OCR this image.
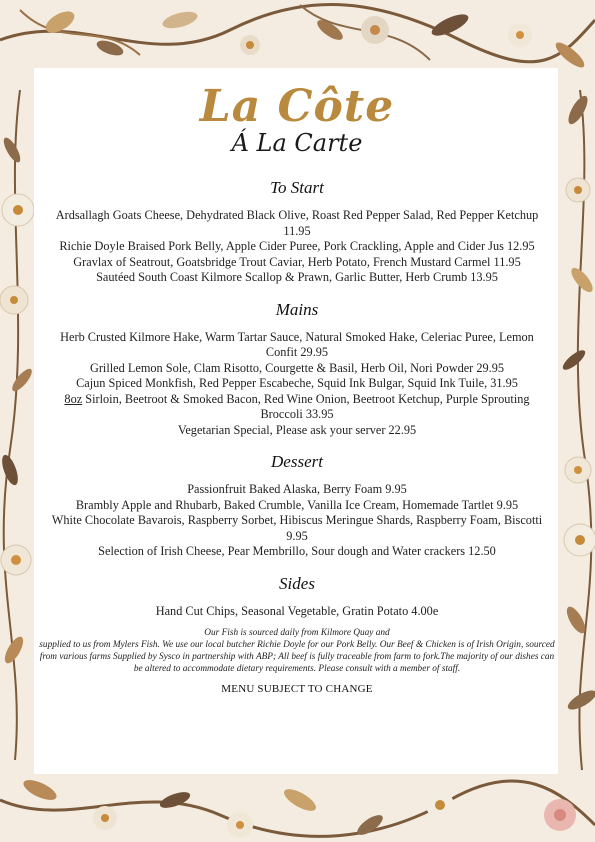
La Côte
Á La Carte
To Start
Ardsallagh Goats Cheese, Dehydrated Black Olive, Roast Red Pepper Salad, Red Pepper Ketchup 11.95
Richie Doyle Braised Pork Belly, Apple Cider Puree, Pork Crackling, Apple and Cider Jus 12.95
Gravlax of Seatrout, Goatsbridge Trout Caviar, Herb Potato, French Mustard Carmel 11.95
Sautéed South Coast Kilmore Scallop & Prawn, Garlic Butter, Herb Crumb 13.95
Mains
Herb Crusted Kilmore Hake, Warm Tartar Sauce, Natural Smoked Hake, Celeriac Puree, Lemon Confit 29.95
Grilled Lemon Sole, Clam Risotto, Courgette & Basil, Herb Oil, Nori Powder 29.95
Cajun Spiced Monkfish, Red Pepper Escabeche, Squid Ink Bulgar, Squid Ink Tuile, 31.95
8oz Sirloin, Beetroot & Smoked Bacon, Red Wine Onion, Beetroot Ketchup, Purple Sprouting Broccoli 33.95
Vegetarian Special, Please ask your server 22.95
Dessert
Passionfruit Baked Alaska, Berry Foam 9.95
Brambly Apple and Rhubarb, Baked Crumble, Vanilla Ice Cream, Homemade Tartlet 9.95
White Chocolate Bavarois, Raspberry Sorbet, Hibiscus Meringue Shards, Raspberry Foam, Biscotti 9.95
Selection of Irish Cheese, Pear Membrillo, Sour dough and Water crackers 12.50
Sides
Hand Cut Chips, Seasonal Vegetable, Gratin Potato 4.00e
Our Fish is sourced daily from Kilmore Quay and
supplied to us from Mylers Fish. We use our local butcher Richie Doyle for our Pork Belly. Our Beef & Chicken is of Irish Origin, sourced from various farms Supplied by Sysco in partnership with ABP; All beef is fully traceable from farm to fork.The majority of our dishes can be altered to accommodate dietary requirements. Please consult with a member of staff.
MENU SUBJECT TO CHANGE
